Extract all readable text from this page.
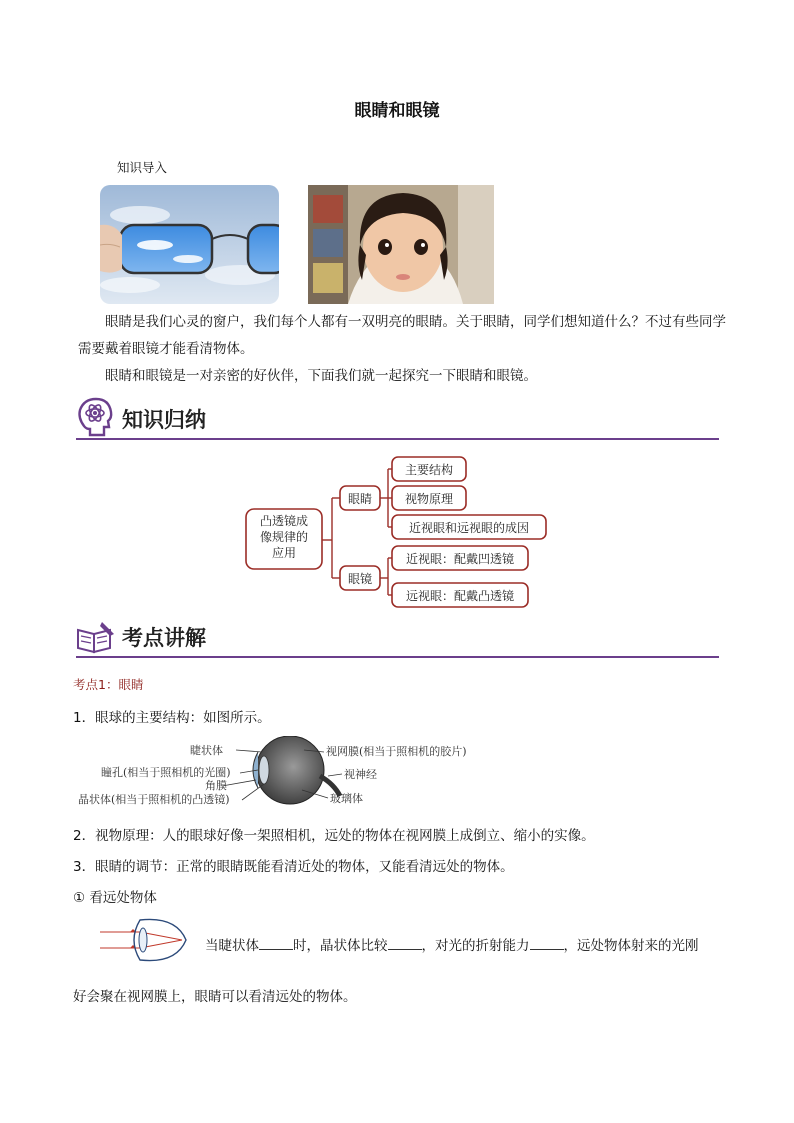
眼睛和眼镜
知识导入

眼睛是我们心灵的窗户，我们每个人都有一双明亮的眼睛。关于眼睛，同学们想知道什么？不过有些同学需要戴着眼镜才能看清物体。

眼睛和眼镜是一对亲密的好伙伴，下面我们就一起探究一下眼睛和眼镜。

知识归纳
凸透镜成
像规律的
应用
眼睛
眼镜
主要结构
视物原理
近视眼和远视眼的成因
近视眼：配戴凹透镜
远视眼：配戴凸透镜
考点讲解
考点1：眼睛
1．眼球的主要结构：如图所示。
睫状体
瞳孔(相当于照相机的光圈)
角膜
晶状体(相当于照相机的凸透镜)
视网膜(相当于照相机的胶片)
视神经
玻璃体
2．视物原理：人的眼球好像一架照相机，远处的物体在视网膜上成倒立、缩小的实像。
3．眼睛的调节：正常的眼睛既能看清近处的物体，又能看清远处的物体。
① 看远处物体
当睫状体	时，晶状体比较	，对光的折射能力	，远处物体射来的光刚
好会聚在视网膜上，眼睛可以看清远处的物体。
